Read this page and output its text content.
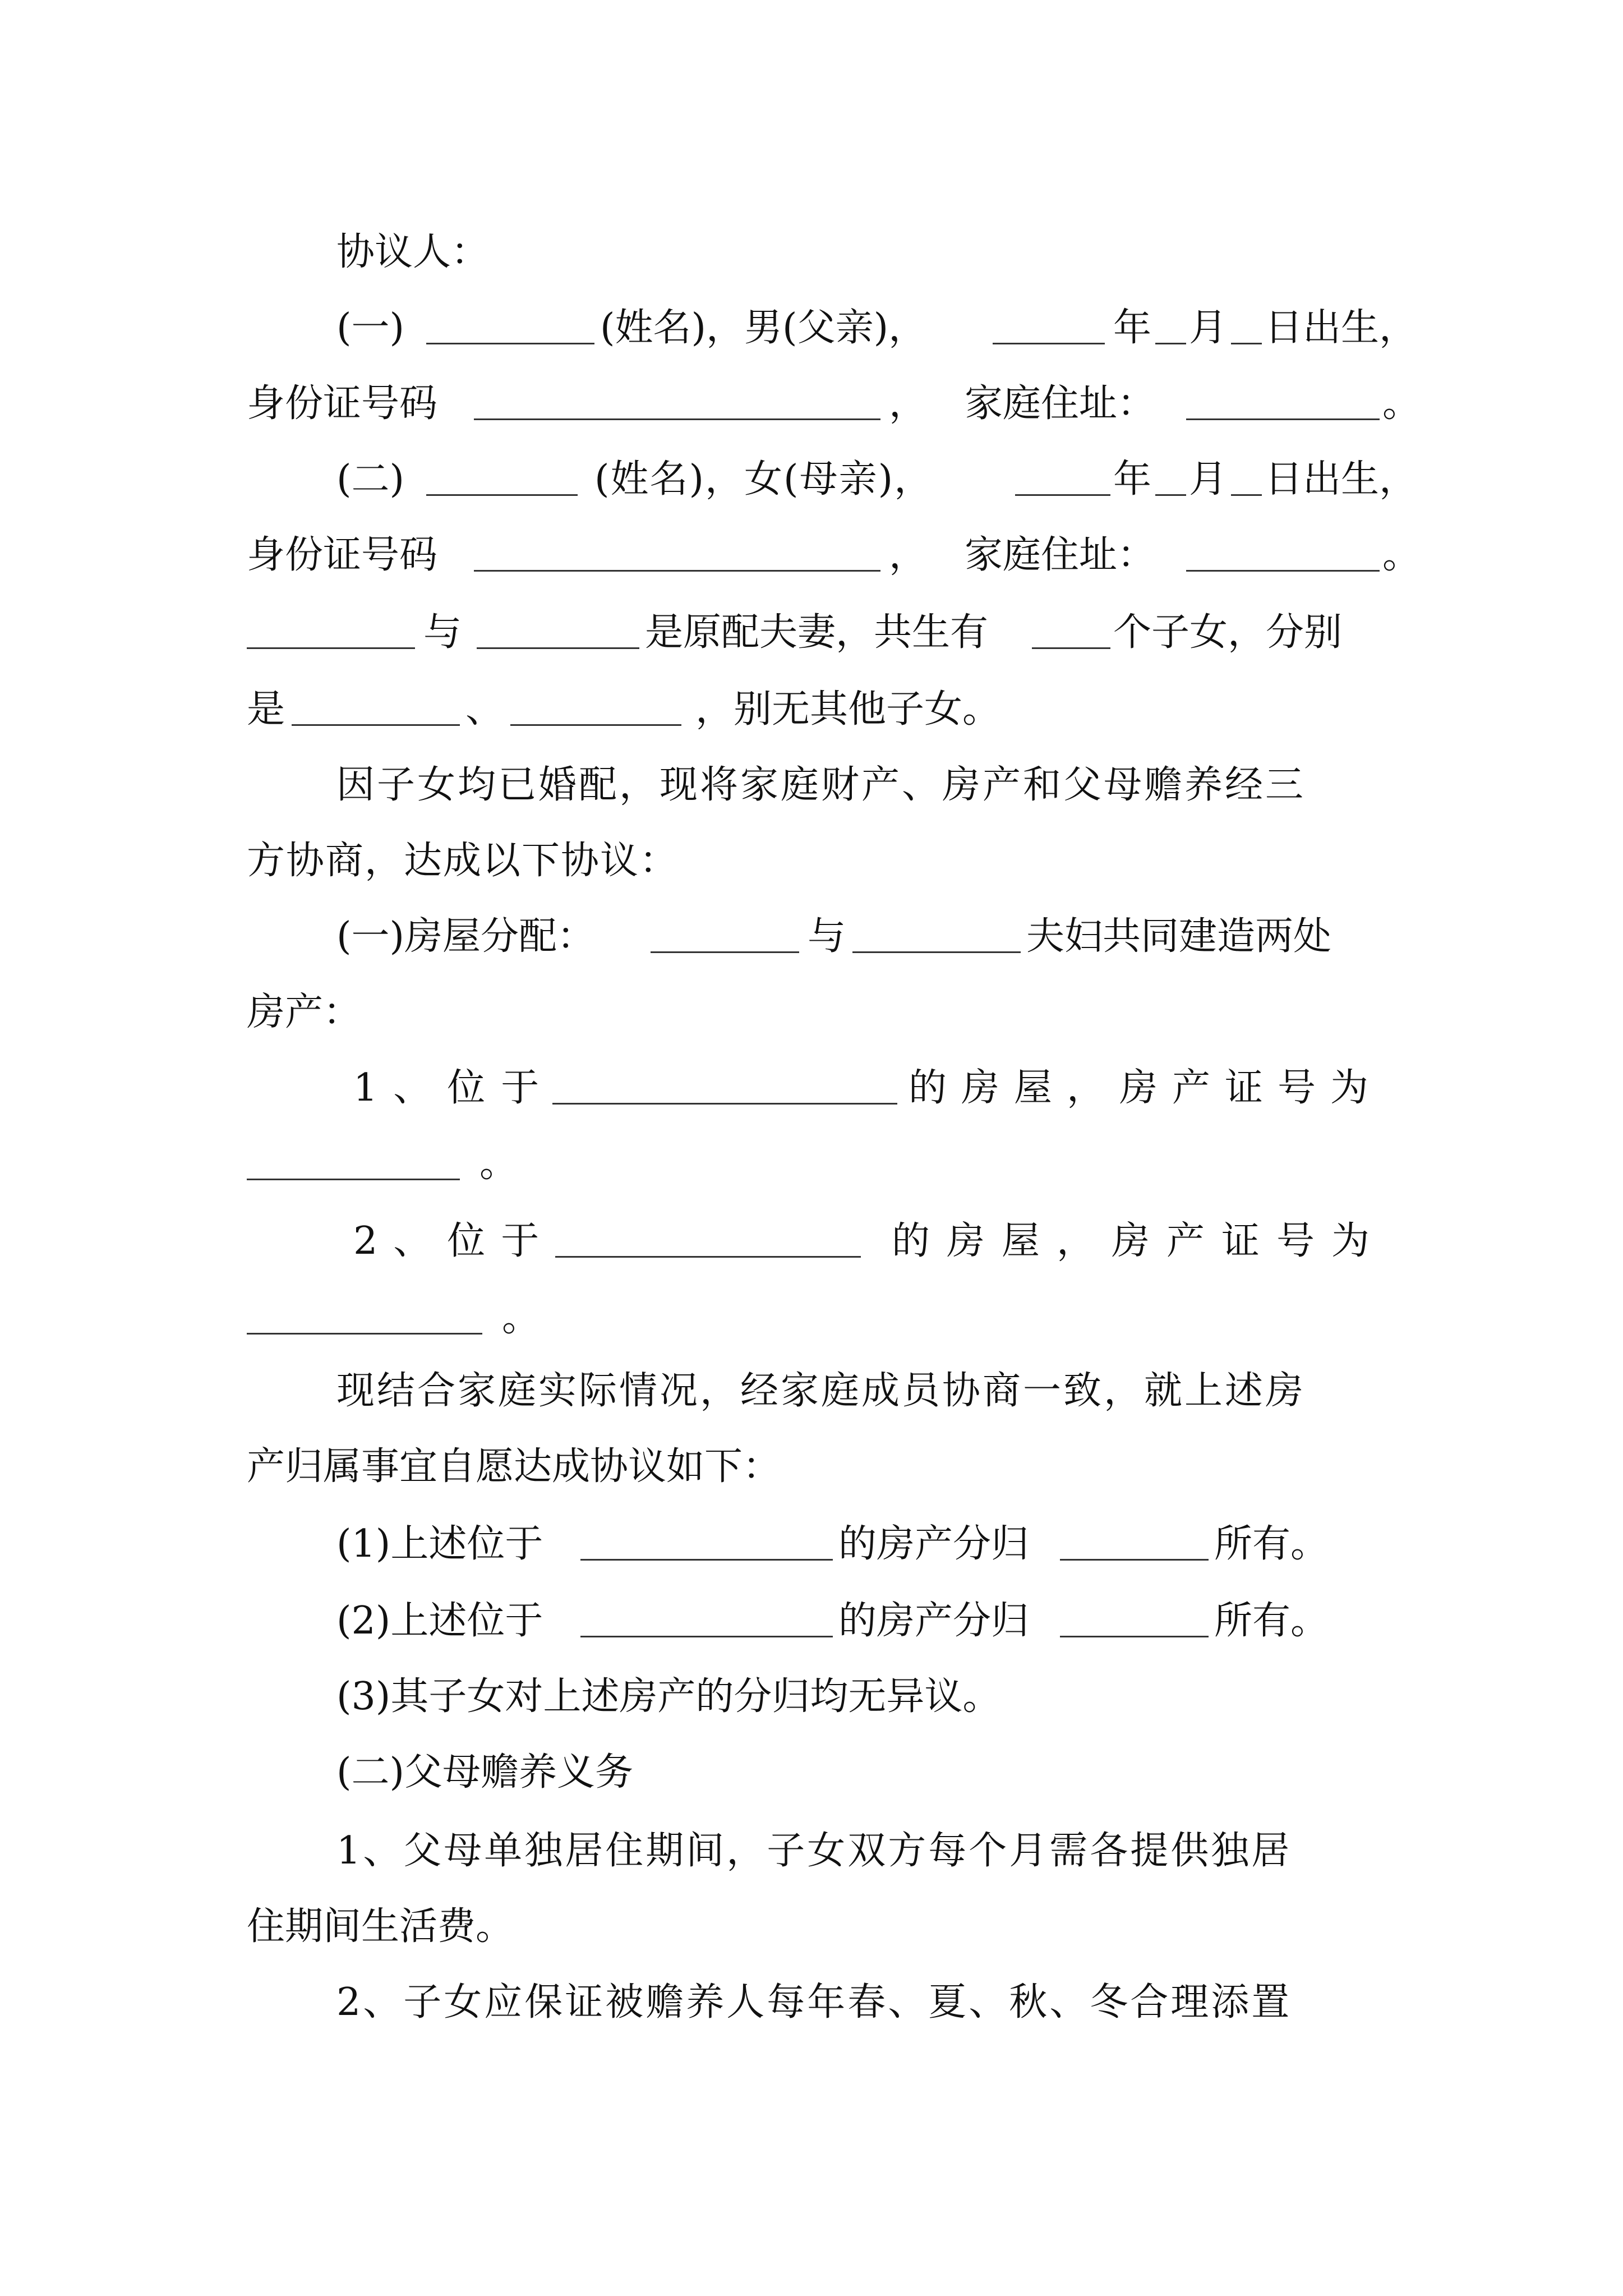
协议人：
(一)	(姓名)，男(父亲)，	年 月 日出生，
身份证号码	， 家庭住址：	。
(二)	(姓名)，女(母亲)，	年 月 日出生，
身份证号码	， 家庭住址：	。
与	是原配夫妻，共生有	个子女，分别
是	、	，别无其他子女。
因子女均已婚配，现将家庭财产、房产和父母赡养经三
方协商，达成以下协议：
(一)房屋分配：	与	夫妇共同建造两处
房产：
1、位于	的房屋，房产证号为
。
2、位于	的房屋，房产证号为
。
现结合家庭实际情况，经家庭成员协商一致，就上述房
产归属事宜自愿达成协议如下：
(1)上述位于	的房产分归	所有。
(2)上述位于	的房产分归	所有。
(3)其子女对上述房产的分归均无异议。
(二)父母赡养义务
1、父母单独居住期间，子女双方每个月需各提供独居
住期间生活费。
2、子女应保证被赡养人每年春、夏、秋、冬合理添置
